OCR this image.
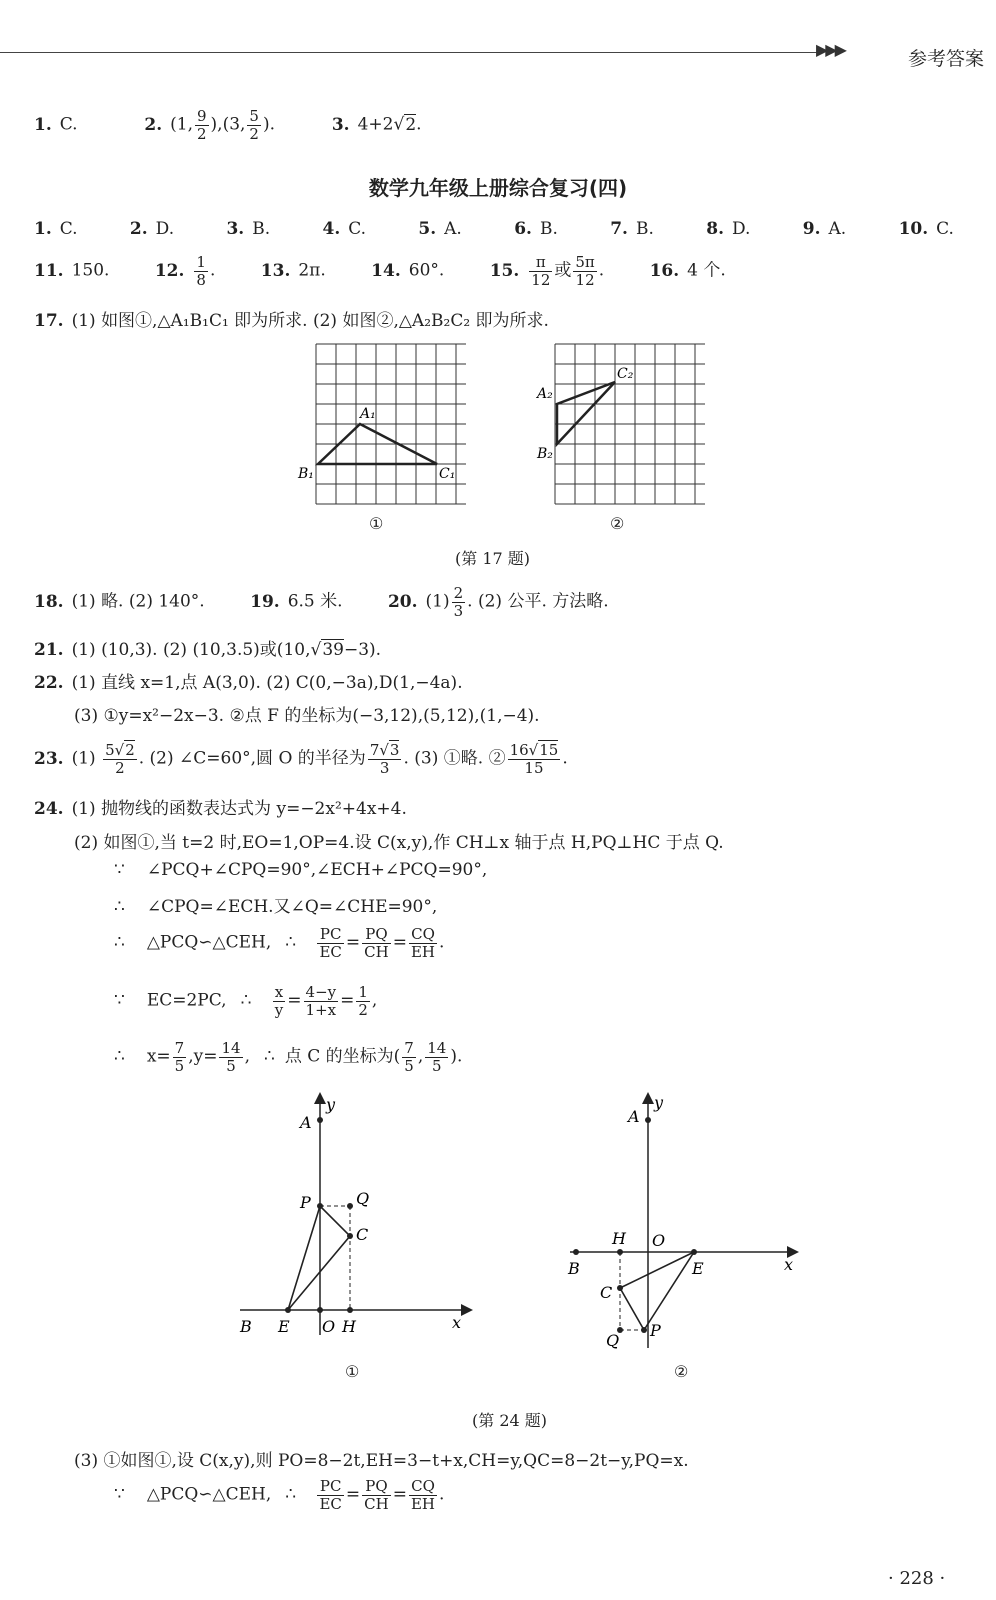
▶▶▶	参考答案
1. C.	2. (1, $\frac{9}{2} ),(3$, $\frac{5}{2}$ ).	3. 4+2√2.
数学九年级上册综合复习(四)
1. C.	2. D.	3. B.	4. C.	5. A.	6. B.	7. B.	8. D.	9. A.	10. C.
11. 150.	12. $\frac{1}{8}$ .	13. 2π.	14. 60°.	15. $\frac{\pi}{12}$ 或 $\frac{5\pi}{12}$ .	16. 4 个.
17. (1) 如图①,△A₁B₁C₁ 即为所求. (2) 如图②,△A₂B₂C₂ 即为所求.
A₁
B₁	C₁
A₂
B₂
C₂
①	②
(第 17 题)
18. (1) 略. (2) 140°.	19. 6.5 米.	20. $(1) \frac{2}{3}$ . (2) 公平. 方法略.
21. (1) (10,3). (2) (10,3.5)或(10,√39−3).
22. (1) 直线 x=1,点 A(3,0). (2) C(0,−3a),D(1,−4a).
(3) ①y=x²−2x−3. ②点 F 的坐标为(−3,12),(5,12),(1,−4).
23. $(1) \frac{5√2}{2}$ . (2) ∠C=60°,圆 O 的半径为 $\frac{7√3}{3}$ . (3) ①略. ② $\frac{16√15}{15}$ .
24. (1) 抛物线的函数表达式为 y=−2x²+4x+4.
(2) 如图①,当 t=2 时,EO=1,OP=4.设 C(x,y),作 CH⊥x 轴于点 H,PQ⊥HC 于点 Q.
∵ ∠PCQ+∠CPQ=90°,∠ECH+∠PCQ=90°,
∴ ∠CPQ=∠ECH.又∠Q=∠CHE=90°,
∴ △PCQ∽△CEH, ∴ $\frac{PC}{EC} = \frac{PQ}{CH} = \frac{CQ}{EH}$ .
∵ EC=2PC, ∴ $\frac{x}{y} = \frac{4-y}{1+x} = \frac{1}{2}$ ,
∴ $x= \frac{7}{5} ,y= \frac{14}{5}$ , ∴ 点 C 的坐标为( $\frac{7}{5}$ , $\frac{14}{5}$ ).
A
y
P	Q
C
B E O H	x
A
y
H O
B	E	x
C
Q
P
①	②
(第 24 题)
(3) ①如图①,设 C(x,y),则 PO=8−2t,EH=3−t+x,CH=y,QC=8−2t−y,PQ=x.
∵ △PCQ∽△CEH, ∴ $\frac{PC}{EC} = \frac{PQ}{CH} = \frac{CQ}{EH}$ .
· 228 ·
